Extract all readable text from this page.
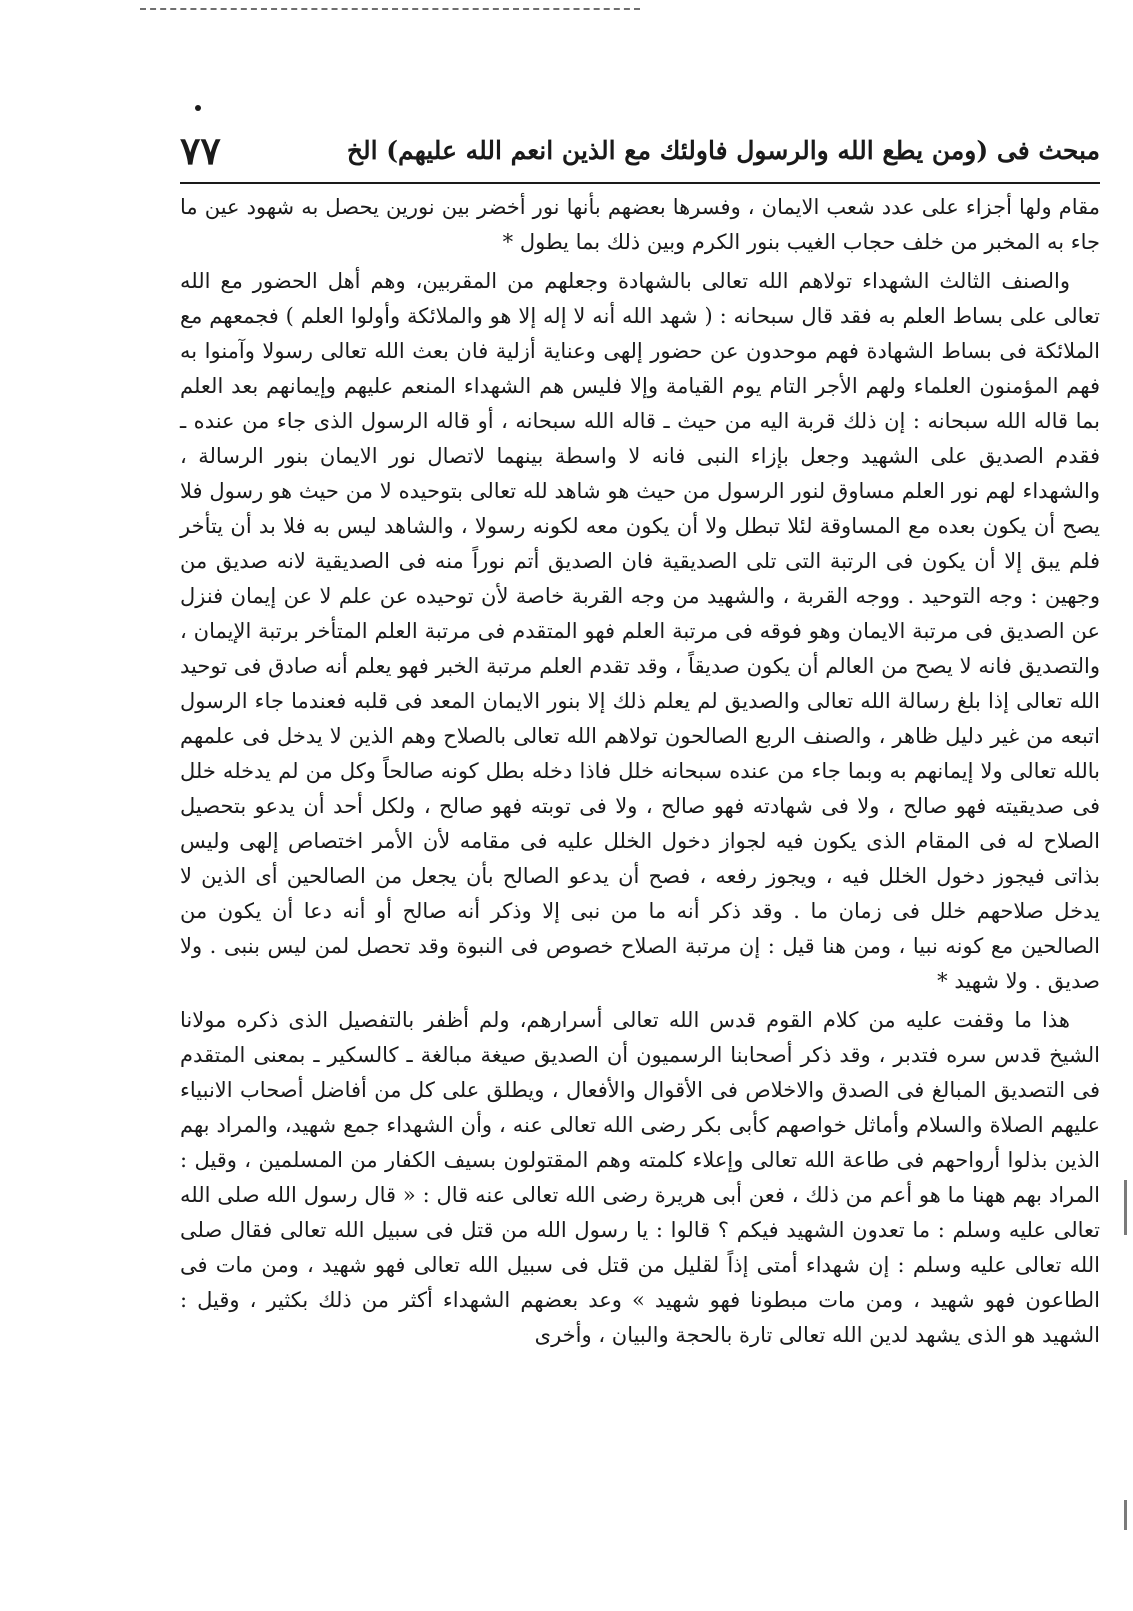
مبحث فى (ومن يطع الله والرسول فاولئك مع الذين انعم الله عليهم) الخ
٧٧

مقام ولها أجزاء على عدد شعب الايمان ، وفسرها بعضهم بأنها نور أخضر بين نورين يحصل به شهود عين ما جاء به المخبر من خلف حجاب الغيب بنور الكرم وبين ذلك بما يطول *

والصنف الثالث الشهداء تولاهم الله تعالى بالشهادة وجعلهم من المقربين، وهم أهل الحضور مع الله تعالى على بساط العلم به فقد قال سبحانه : ( شهد الله أنه لا إله إلا هو والملائكة وأولوا العلم ) فجمعهم مع الملائكة فى بساط الشهادة فهم موحدون عن حضور إلهى وعناية أزلية فان بعث الله تعالى رسولا وآمنوا به فهم المؤمنون العلماء ولهم الأجر التام يوم القيامة وإلا فليس هم الشهداء المنعم عليهم وإيمانهم بعد العلم بما قاله الله سبحانه : إن ذلك قربة اليه من حيث ـ قاله الله سبحانه ، أو قاله الرسول الذى جاء من عنده ـ فقدم الصديق على الشهيد وجعل بإزاء النبى فانه لا واسطة بينهما لاتصال نور الايمان بنور الرسالة ، والشهداء لهم نور العلم مساوق لنور الرسول من حيث هو شاهد لله تعالى بتوحيده لا من حيث هو رسول فلا يصح أن يكون بعده مع المساوقة لئلا تبطل ولا أن يكون معه لكونه رسولا ، والشاهد ليس به فلا بد أن يتأخر فلم يبق إلا أن يكون فى الرتبة التى تلى الصديقية فان الصديق أتم نوراً منه فى الصديقية لانه صديق من وجهين : وجه التوحيد . ووجه القربة ، والشهيد من وجه القربة خاصة لأن توحيده عن علم لا عن إيمان فنزل عن الصديق فى مرتبة الايمان وهو فوقه فى مرتبة العلم فهو المتقدم فى مرتبة العلم المتأخر برتبة الإيمان ، والتصديق فانه لا يصح من العالم أن يكون صديقاً ، وقد تقدم العلم مرتبة الخبر فهو يعلم أنه صادق فى توحيد الله تعالى إذا بلغ رسالة الله تعالى والصديق لم يعلم ذلك إلا بنور الايمان المعد فى قلبه فعندما جاء الرسول اتبعه من غير دليل ظاهر ، والصنف الربع الصالحون تولاهم الله تعالى بالصلاح وهم الذين لا يدخل فى علمهم بالله تعالى ولا إيمانهم به وبما جاء من عنده سبحانه خلل فاذا دخله بطل كونه صالحاً وكل من لم يدخله خلل فى صديقيته فهو صالح ، ولا فى شهادته فهو صالح ، ولا فى توبته فهو صالح ، ولكل أحد أن يدعو بتحصيل الصلاح له فى المقام الذى يكون فيه لجواز دخول الخلل عليه فى مقامه لأن الأمر اختصاص إلهى وليس بذاتى فيجوز دخول الخلل فيه ، ويجوز رفعه ، فصح أن يدعو الصالح بأن يجعل من الصالحين أى الذين لا يدخل صلاحهم خلل فى زمان ما . وقد ذكر أنه ما من نبى إلا وذكر أنه صالح أو أنه دعا أن يكون من الصالحين مع كونه نبيا ، ومن هنا قيل : إن مرتبة الصلاح خصوص فى النبوة وقد تحصل لمن ليس بنبى . ولا صديق . ولا شهيد *

هذا ما وقفت عليه من كلام القوم قدس الله تعالى أسرارهم، ولم أظفر بالتفصيل الذى ذكره مولانا الشيخ قدس سره فتدبر ، وقد ذكر أصحابنا الرسميون أن الصديق صيغة مبالغة ـ كالسكير ـ بمعنى المتقدم فى التصديق المبالغ فى الصدق والاخلاص فى الأقوال والأفعال ، ويطلق على كل من أفاضل أصحاب الانبياء عليهم الصلاة والسلام وأماثل خواصهم كأبى بكر رضى الله تعالى عنه ، وأن الشهداء جمع شهيد، والمراد بهم الذين بذلوا أرواحهم فى طاعة الله تعالى وإعلاء كلمته وهم المقتولون بسيف الكفار من المسلمين ، وقيل : المراد بهم ههنا ما هو أعم من ذلك ، فعن أبى هريرة رضى الله تعالى عنه قال : « قال رسول الله صلى الله تعالى عليه وسلم : ما تعدون الشهيد فيكم ؟ قالوا : يا رسول الله من قتل فى سبيل الله تعالى فقال صلى الله تعالى عليه وسلم : إن شهداء أمتى إذاً لقليل من قتل فى سبيل الله تعالى فهو شهيد ، ومن مات فى الطاعون فهو شهيد ، ومن مات مبطونا فهو شهيد » وعد بعضهم الشهداء أكثر من ذلك بكثير ، وقيل : الشهيد هو الذى يشهد لدين الله تعالى تارة بالحجة والبيان ، وأخرى
